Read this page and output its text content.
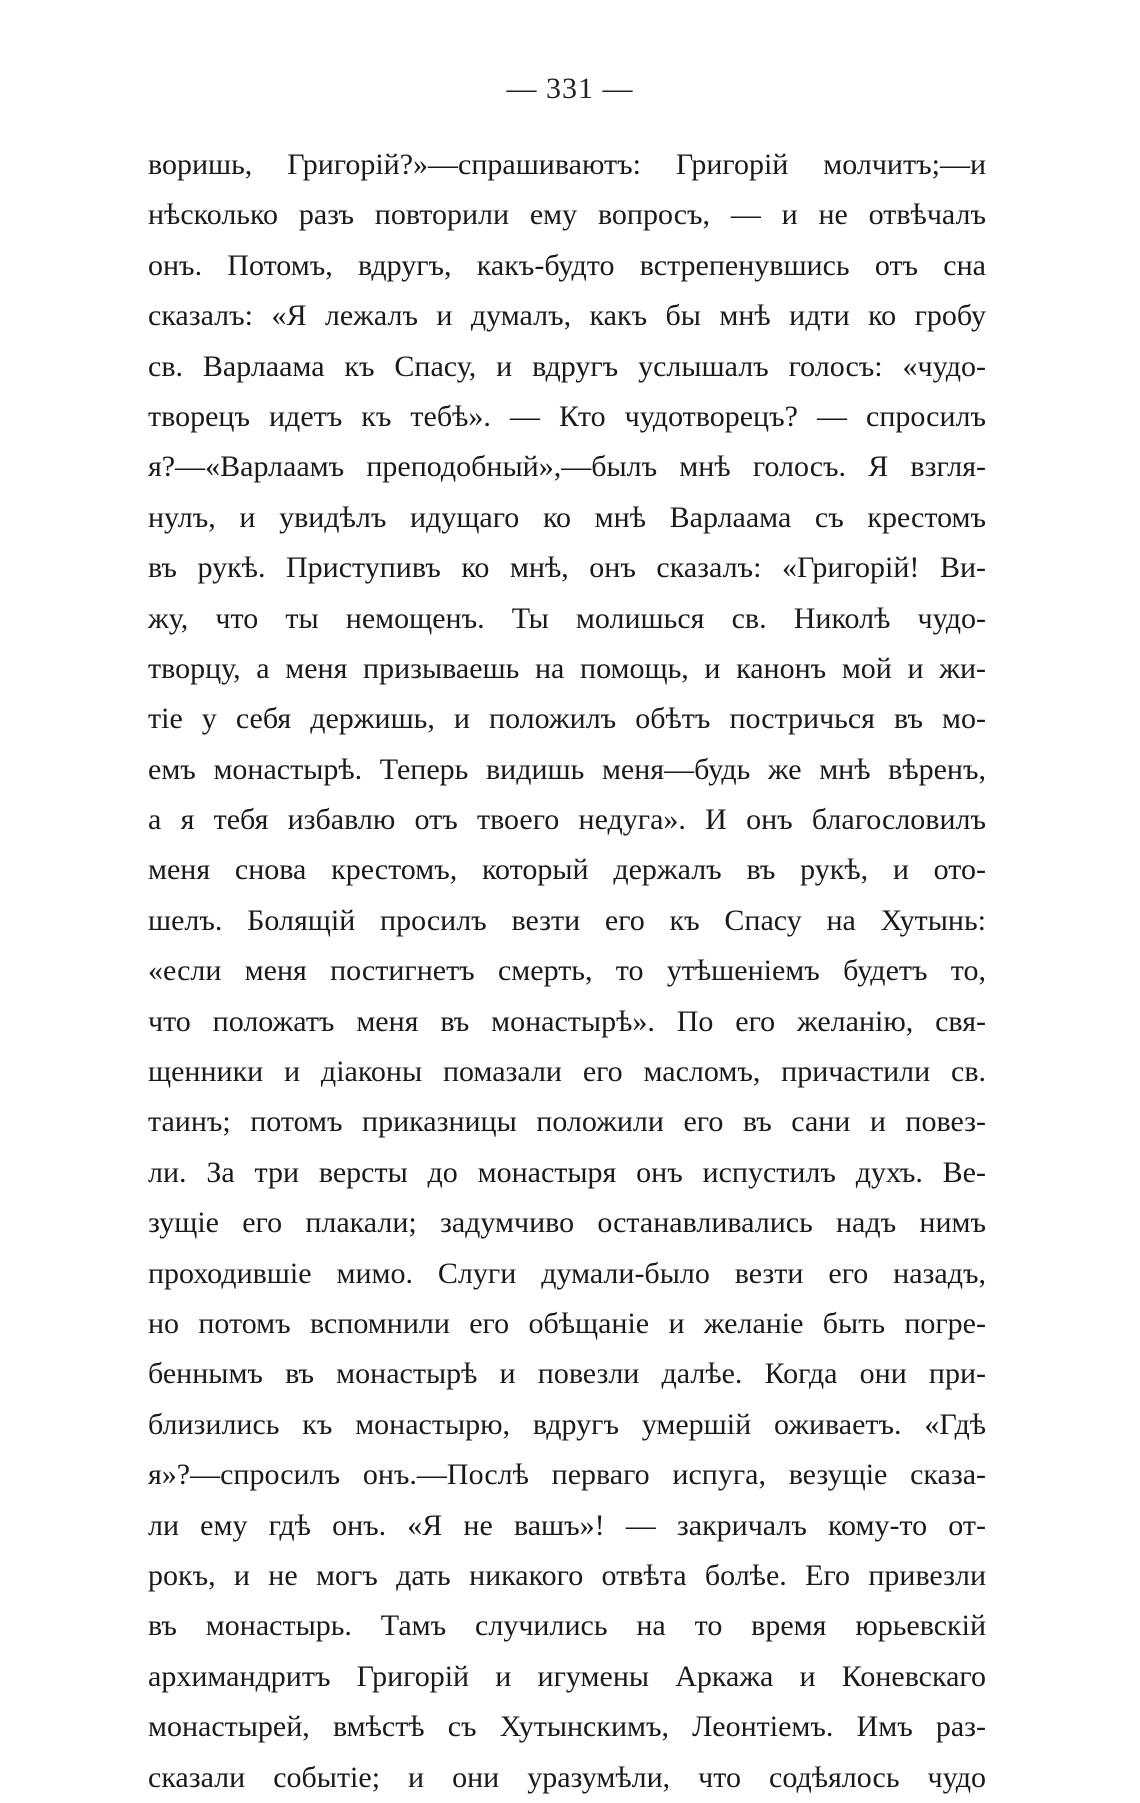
— 331 —
воришь, Григорій?»—спрашиваютъ: Григорій молчитъ;—и
нѣсколько разъ повторили ему вопросъ, — и не отвѣчалъ
онъ. Потомъ, вдругъ, какъ-будто встрепенувшись отъ сна
сказалъ: «Я лежалъ и думалъ, какъ бы мнѣ идти ко гробу
св. Варлаама къ Спасу, и вдругъ услышалъ голосъ: «чудо-
творецъ идетъ къ тебѣ». — Кто чудотворецъ? — спросилъ
я?—«Варлаамъ преподобный»,—былъ мнѣ голосъ. Я взгля-
нулъ, и увидѣлъ идущаго ко мнѣ Варлаама съ крестомъ
въ рукѣ. Приступивъ ко мнѣ, онъ сказалъ: «Григорій! Ви-
жу, что ты немощенъ. Ты молишься св. Николѣ чудо-
творцу, а меня призываешь на помощь, и канонъ мой и жи-
тіе у себя держишь, и положилъ обѣтъ постричься въ мо-
емъ монастырѣ. Теперь видишь меня—будь же мнѣ вѣренъ,
а я тебя избавлю отъ твоего недуга». И онъ благословилъ
меня снова крестомъ, который держалъ въ рукѣ, и ото-
шелъ. Болящій просилъ везти его къ Спасу на Хутынь:
«если меня постигнетъ смерть, то утѣшеніемъ будетъ то,
что положатъ меня въ монастырѣ». По его желанію, свя-
щенники и діаконы помазали его масломъ, причастили св.
таинъ; потомъ приказницы положили его въ сани и повез-
ли. За три версты до монастыря онъ испустилъ духъ. Ве-
зущіе его плакали; задумчиво останавливались надъ нимъ
проходившіе мимо. Слуги думали-было везти его назадъ,
но потомъ вспомнили его обѣщаніе и желаніе быть погре-
беннымъ въ монастырѣ и повезли далѣе. Когда они при-
близились къ монастырю, вдругъ умершій оживаетъ. «Гдѣ
я»?—спросилъ онъ.—Послѣ перваго испуга, везущіе сказа-
ли ему гдѣ онъ. «Я не вашъ»! — закричалъ кому-то от-
рокъ, и не могъ дать никакого отвѣта болѣе. Его привезли
въ монастырь. Тамъ случились на то время юрьевскій
архимандритъ Григорій и игумены Аркажа и Коневскаго
монастырей, вмѣстѣ съ Хутынскимъ, Леонтіемъ. Имъ раз-
сказали событіе; и они уразумѣли, что содѣялось чудо
